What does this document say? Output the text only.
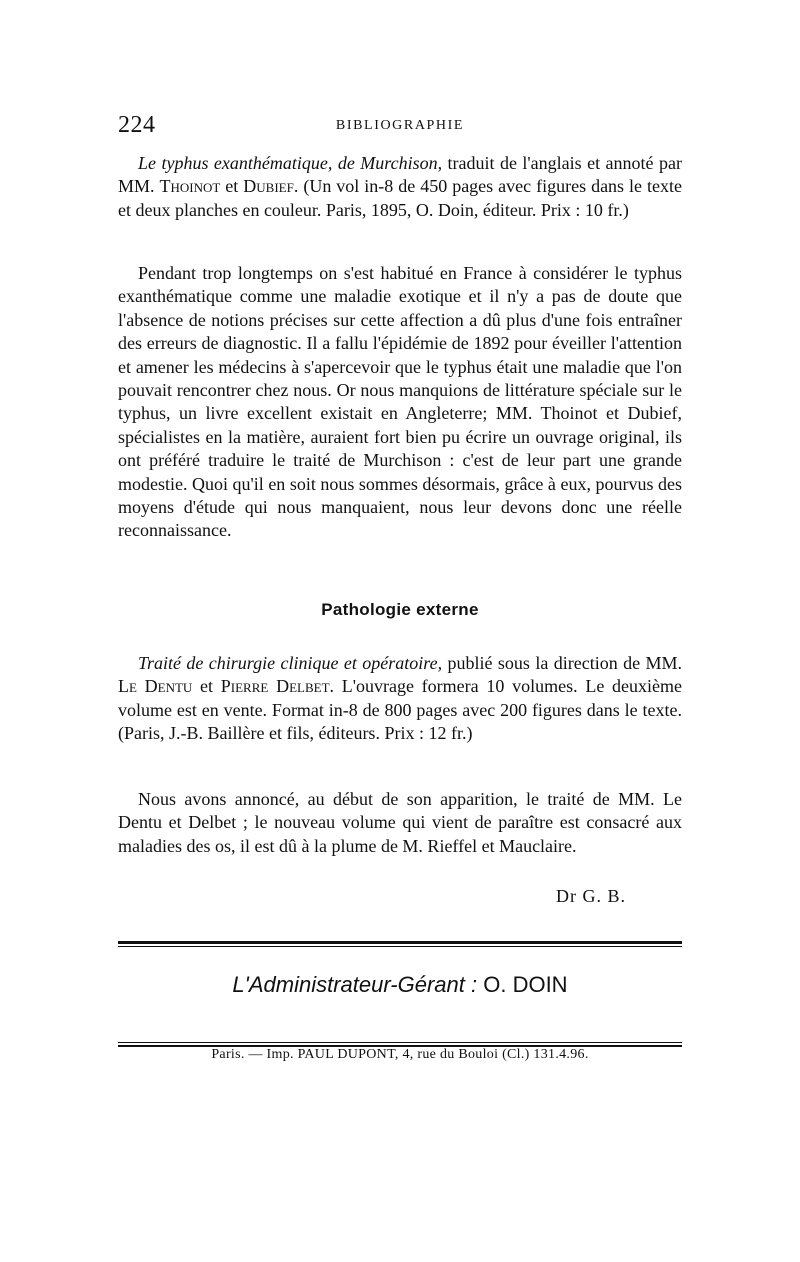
224	BIBLIOGRAPHIE

Le typhus exanthématique, de Murchison, traduit de l'anglais et annoté par MM. Thoinot et Dubief. (Un vol in-8 de 450 pages avec figures dans le texte et deux planches en couleur. Paris, 1895, O. Doin, éditeur. Prix : 10 fr.)

Pendant trop longtemps on s'est habitué en France à considérer le typhus exanthématique comme une maladie exotique et il n'y a pas de doute que l'absence de notions précises sur cette affection a dû plus d'une fois entraîner des erreurs de diagnostic. Il a fallu l'épidémie de 1892 pour éveiller l'attention et amener les médecins à s'apercevoir que le typhus était une maladie que l'on pouvait rencontrer chez nous. Or nous manquions de littérature spéciale sur le typhus, un livre excellent existait en Angleterre; MM. Thoinot et Dubief, spécialistes en la matière, auraient fort bien pu écrire un ouvrage original, ils ont préféré traduire le traité de Murchison : c'est de leur part une grande modestie. Quoi qu'il en soit nous sommes désormais, grâce à eux, pourvus des moyens d'étude qui nous manquaient, nous leur devons donc une réelle reconnaissance.

Pathologie externe

Traité de chirurgie clinique et opératoire, publié sous la direction de MM. Le Dentu et Pierre Delbet. L'ouvrage formera 10 volumes. Le deuxième volume est en vente. Format in-8 de 800 pages avec 200 figures dans le texte. (Paris, J.-B. Baillère et fils, éditeurs. Prix : 12 fr.)

Nous avons annoncé, au début de son apparition, le traité de MM. Le Dentu et Delbet ; le nouveau volume qui vient de paraître est consacré aux maladies des os, il est dû à la plume de M. Rieffel et Mauclaire.

Dr G. B.
L'Administrateur-Gérant : O. DOIN
Paris. — Imp. PAUL DUPONT, 4, rue du Bouloi (Cl.) 131.4.96.
